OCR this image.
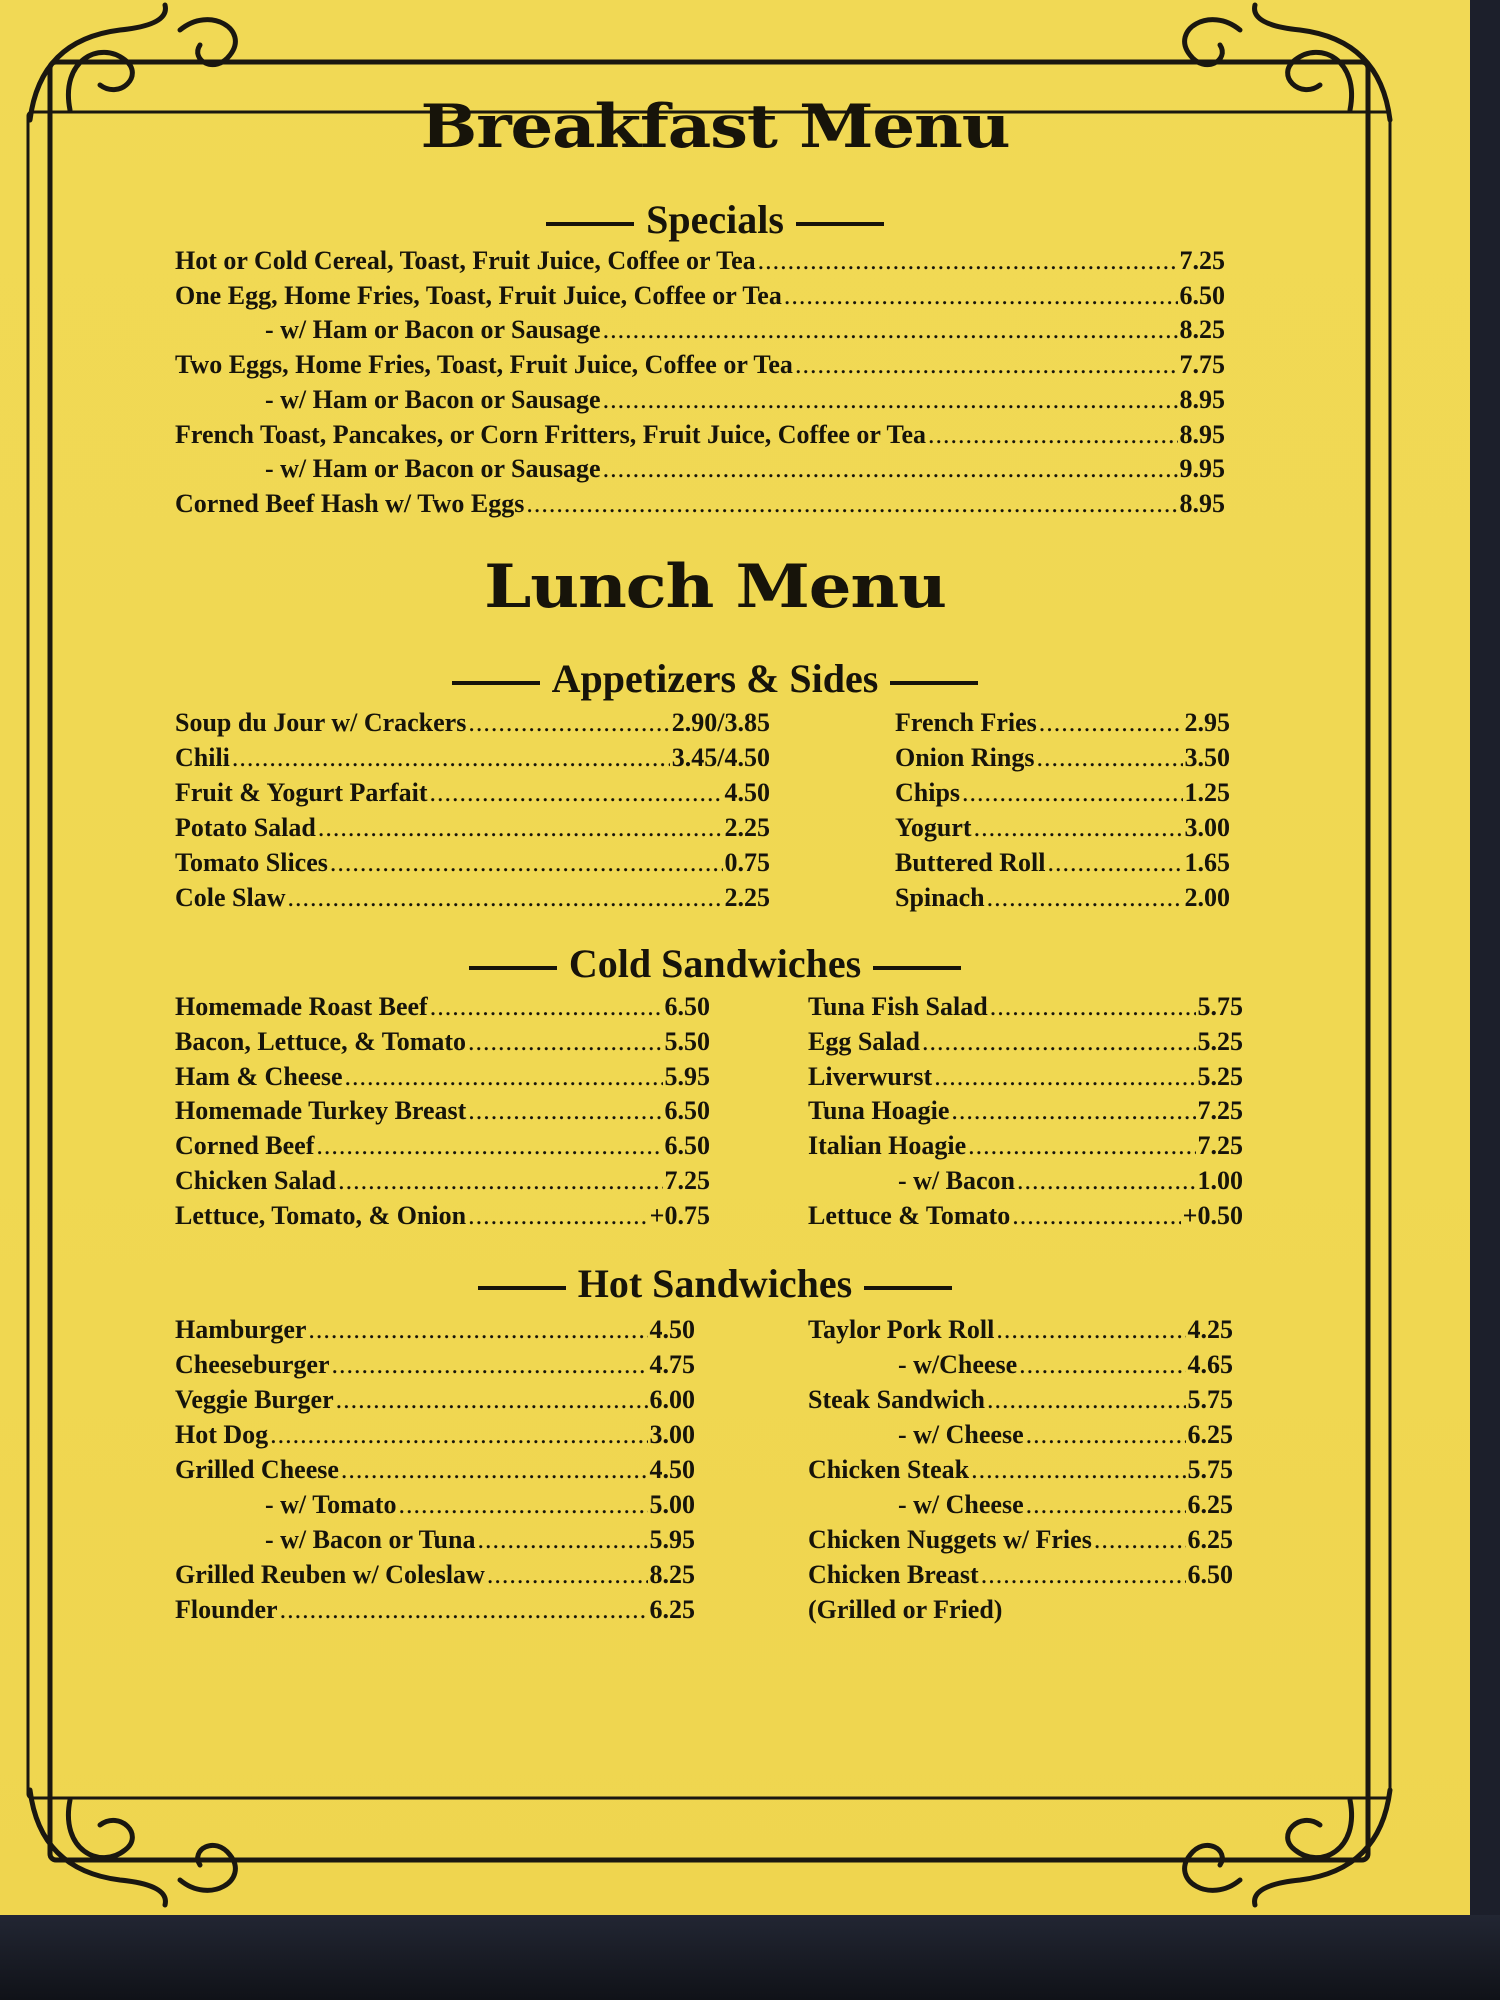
Breakfast Menu
Specials
Hot or Cold Cereal, Toast, Fruit Juice, Coffee or Tea .....	7.25
One Egg, Home Fries, Toast, Fruit Juice, Coffee or Tea .....	6.50
- w/ Ham or Bacon or Sausage .....	8.25
Two Eggs, Home Fries, Toast, Fruit Juice, Coffee or Tea .....	7.75
- w/ Ham or Bacon or Sausage .....	8.95
French Toast, Pancakes, or Corn Fritters, Fruit Juice, Coffee or Tea .....	8.95
- w/ Ham or Bacon or Sausage .....	9.95
Corned Beef Hash w/ Two Eggs .....	8.95
Lunch Menu
Appetizers & Sides
Soup du Jour w/ Crackers .....	2.90/3.85
Chili .....	3.45/4.50
Fruit & Yogurt Parfait .....	4.50
Potato Salad .....	2.25
Tomato Slices .....	0.75
Cole Slaw .....	2.25
French Fries .....	2.95
Onion Rings .....	3.50
Chips .....	1.25
Yogurt .....	3.00
Buttered Roll .....	1.65
Spinach .....	2.00
Cold Sandwiches
Homemade Roast Beef .....	6.50
Bacon, Lettuce, & Tomato .....	5.50
Ham & Cheese .....	5.95
Homemade Turkey Breast .....	6.50
Corned Beef .....	6.50
Chicken Salad .....	7.25
Lettuce, Tomato, & Onion .....	+0.75
Tuna Fish Salad .....	5.75
Egg Salad .....	5.25
Liverwurst .....	5.25
Tuna Hoagie .....	7.25
Italian Hoagie .....	7.25
- w/ Bacon .....	1.00
Lettuce & Tomato .....	+0.50
Hot Sandwiches
Hamburger .....	4.50
Cheeseburger .....	4.75
Veggie Burger .....	6.00
Hot Dog .....	3.00
Grilled Cheese .....	4.50
- w/ Tomato .....	5.00
- w/ Bacon or Tuna .....	5.95
Grilled Reuben w/ Coleslaw .....	8.25
Flounder .....	6.25
Taylor Pork Roll .....	4.25
- w/Cheese .....	4.65
Steak Sandwich .....	5.75
- w/ Cheese .....	6.25
Chicken Steak .....	5.75
- w/ Cheese .....	6.25
Chicken Nuggets w/ Fries .....	6.25
Chicken Breast .....	6.50
(Grilled or Fried)
